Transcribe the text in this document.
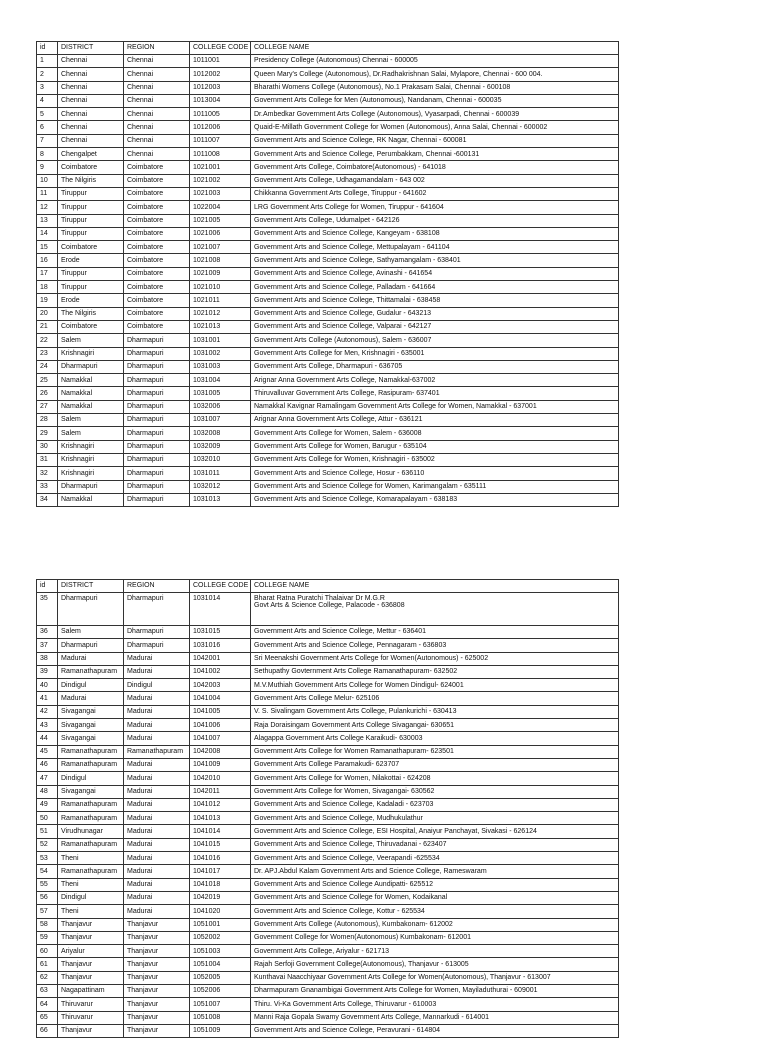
id	DISTRICT	REGION	COLLEGE CODE	COLLEGE NAME
1	Chennai	Chennai	1011001	Presidency College (Autonomous) Chennai - 600005
2	Chennai	Chennai	1012002	Queen Mary's College (Autonomous), Dr.Radhakrishnan Salai, Mylapore, Chennai - 600 004.
3	Chennai	Chennai	1012003	Bharathi Womens College (Autonomous), No.1 Prakasam Salai, Chennai - 600108
4	Chennai	Chennai	1013004	Government Arts College for Men (Autonomous), Nandanam, Chennai - 600035
5	Chennai	Chennai	1011005	Dr.Ambedkar Government Arts College (Autonomous), Vyasarpadi, Chennai - 600039
6	Chennai	Chennai	1012006	Quaid-E-Millath Government College for Women (Autonomous), Anna Salai, Chennai - 600002
7	Chennai	Chennai	1011007	Government Arts and Science College, RK Nagar, Chennai - 600081
8	Chengalpet	Chennai	1011008	Government Arts and Science College, Perumbakkam, Chennai -600131
9	Coimbatore	Coimbatore	1021001	Government Arts College, Coimbatore(Autonomous) - 641018
10	The Nilgiris	Coimbatore	1021002	Government Arts College, Udhagamandalam - 643 002
11	Tiruppur	Coimbatore	1021003	Chikkanna Government Arts College, Tiruppur - 641602
12	Tiruppur	Coimbatore	1022004	LRG Government Arts College for Women, Tiruppur - 641604
13	Tiruppur	Coimbatore	1021005	Government Arts College, Udumalpet - 642126
14	Tiruppur	Coimbatore	1021006	Government Arts and Science College, Kangeyam - 638108
15	Coimbatore	Coimbatore	1021007	Government Arts and Science College, Mettupalayam - 641104
16	Erode	Coimbatore	1021008	Government Arts and Science College, Sathyamangalam - 638401
17	Tiruppur	Coimbatore	1021009	Government Arts and Science College, Avinashi - 641654
18	Tiruppur	Coimbatore	1021010	Government Arts and Science College, Palladam - 641664
19	Erode	Coimbatore	1021011	Government Arts and Science College, Thittamalai - 638458
20	The Nilgiris	Coimbatore	1021012	Government Arts and Science College, Gudalur - 643213
21	Coimbatore	Coimbatore	1021013	Government Arts and Science College, Valparai - 642127
22	Salem	Dharmapuri	1031001	Government Arts College (Autonomous), Salem - 636007
23	Krishnagiri	Dharmapuri	1031002	Government Arts College for Men, Krishnagiri - 635001
24	Dharmapuri	Dharmapuri	1031003	Government Arts College, Dharmapuri - 636705
25	Namakkal	Dharmapuri	1031004	Arignar Anna Government Arts College, Namakkal-637002
26	Namakkal	Dharmapuri	1031005	Thiruvalluvar Government Arts College, Rasipuram- 637401
27	Namakkal	Dharmapuri	1032006	Namakkal Kavignar Ramalingam Government Arts College for Women, Namakkal - 637001
28	Salem	Dharmapuri	1031007	Arignar Anna Government Arts College, Attur - 636121
29	Salem	Dharmapuri	1032008	Government Arts College for Women, Salem - 636008
30	Krishnagiri	Dharmapuri	1032009	Government Arts College for Women, Barugur - 635104
31	Krishnagiri	Dharmapuri	1032010	Government Arts College for Women, Krishnagiri - 635002
32	Krishnagiri	Dharmapuri	1031011	Government Arts and Science College, Hosur - 636110
33	Dharmapuri	Dharmapuri	1032012	Government Arts and Science College for Women, Karimangalam - 635111
34	Namakkal	Dharmapuri	1031013	Government Arts and Science College, Komarapalayam - 638183
id	DISTRICT	REGION	COLLEGE CODE	COLLEGE NAME
35	Dharmapuri	Dharmapuri	1031014	Bharat Ratna Puratchi Thalaivar Dr M.G.R
Govt Arts & Science College, Palacode - 636808
36	Salem	Dharmapuri	1031015	Government Arts and Science College, Mettur - 636401
37	Dharmapuri	Dharmapuri	1031016	Government Arts and Science College, Pennagaram - 636803
38	Madurai	Madurai	1042001	Sri Meenakshi Government Arts College for Women(Autonomous) - 625002
39	Ramanathapuram	Madurai	1041002	Sethupathy Govternment Arts College Ramanathapuram- 632502
40	Dindigul	Dindigul	1042003	M.V.Muthiah Government Arts College for Women Dindigul- 624001
41	Madurai	Madurai	1041004	Government Arts College Melur- 625106
42	Sivagangai	Madurai	1041005	V. S. Sivalingam Government Arts College, Pulankurichi - 630413
43	Sivagangai	Madurai	1041006	Raja Doraisingam Government Arts College Sivagangai- 630651
44	Sivagangai	Madurai	1041007	Alagappa Government Arts College Karaikudi- 630003
45	Ramanathapuram	Ramanathapuram	1042008	Government Arts College for Women Ramanathapuram- 623501
46	Ramanathapuram	Madurai	1041009	Government Arts College Paramakudi- 623707
47	Dindigul	Madurai	1042010	Government Arts College for Women, Nilakottai - 624208
48	Sivagangai	Madurai	1042011	Government Arts College for Women, Sivagangai- 630562
49	Ramanathapuram	Madurai	1041012	Government Arts and Science College, Kadaladi - 623703
50	Ramanathapuram	Madurai	1041013	Government Arts and Science College, Mudhukulathur
51	Virudhunagar	Madurai	1041014	Government Arts and Science College, ESI Hospital, Anaiyur Panchayat, Sivakasi - 626124
52	Ramanathapuram	Madurai	1041015	Government Arts and Science College, Thiruvadanai - 623407
53	Theni	Madurai	1041016	Government Arts and Science College, Veerapandi -625534
54	Ramanathapuram	Madurai	1041017	Dr. APJ.Abdul Kalam Government Arts and Science College, Rameswaram
55	Theni	Madurai	1041018	Government Arts and Science College Aundipatti- 625512
56	Dindigul	Madurai	1042019	Government Arts and Science College for Women, Kodaikanal
57	Theni	Madurai	1041020	Government Arts and Science College, Kottur - 625534
58	Thanjavur	Thanjavur	1051001	Government Arts College (Autonomous), Kumbakonam- 612002
59	Thanjavur	Thanjavur	1052002	Government College for Women(Autonomous) Kumbakonam- 612001
60	Ariyalur	Thanjavur	1051003	Government Arts College, Ariyalur - 621713
61	Thanjavur	Thanjavur	1051004	Rajah Serfoji Government College(Autonomous), Thanjavur - 613005
62	Thanjavur	Thanjavur	1052005	Kunthavai Naacchiyaar Government Arts College for Women(Autonomous), Thanjavur - 613007
63	Nagapattinam	Thanjavur	1052006	Dharmapuram Gnanambigai Government Arts College for Women, Mayiladuthurai - 609001
64	Thiruvarur	Thanjavur	1051007	Thiru. Vi-Ka Government Arts College, Thiruvarur - 610003
65	Thiruvarur	Thanjavur	1051008	Manni Raja Gopala Swamy Government Arts College, Mannarkudi - 614001
66	Thanjavur	Thanjavur	1051009	Government Arts and Science College, Peravurani - 614804
